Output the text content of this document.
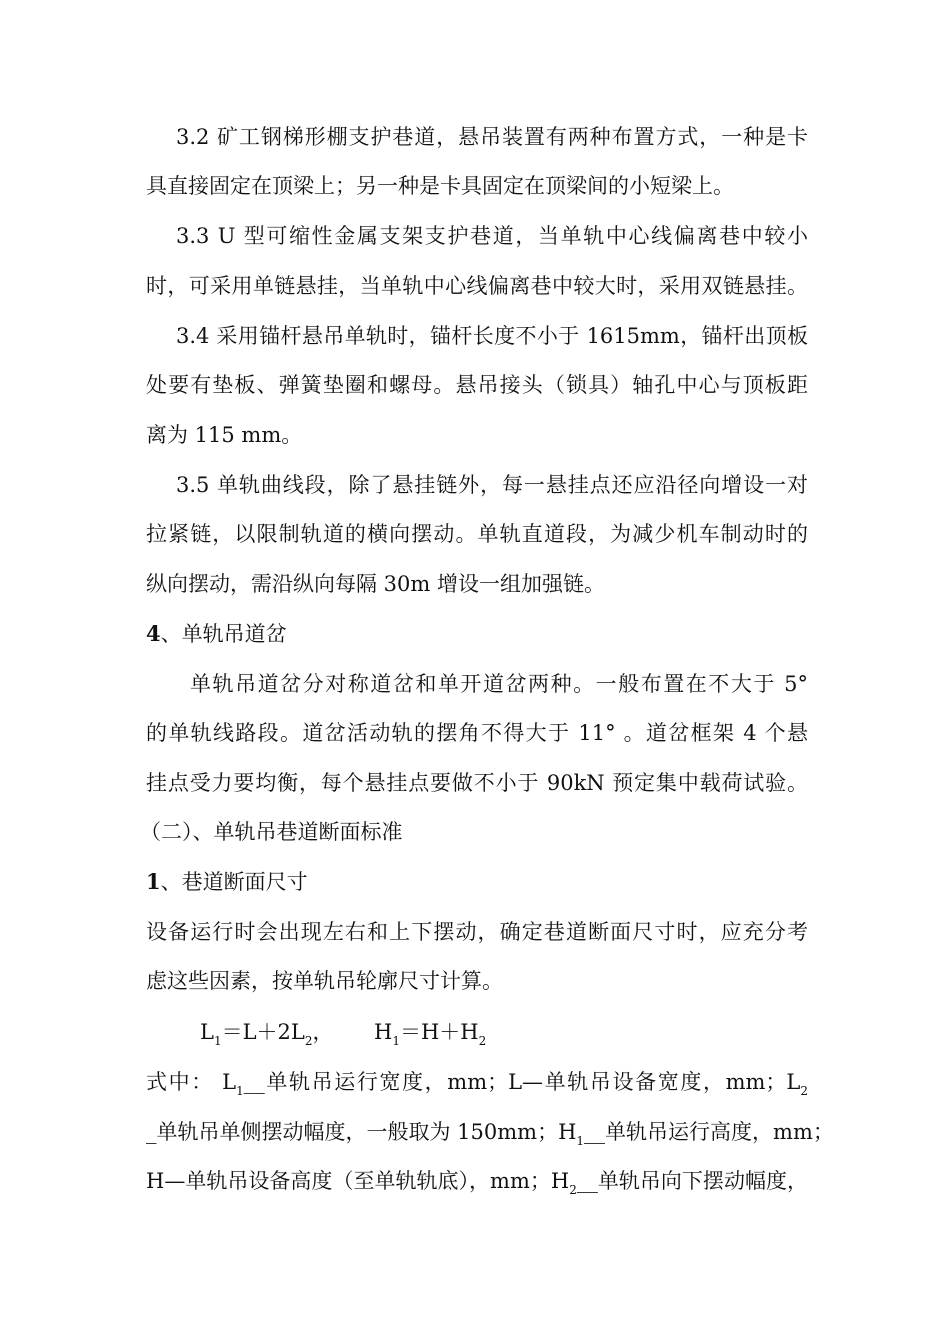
3.2 矿工钢梯形棚支护巷道，悬吊装置有两种布置方式，一种是卡
具直接固定在顶梁上；另一种是卡具固定在顶梁间的小短梁上。
3.3 U 型可缩性金属支架支护巷道，当单轨中心线偏离巷中较小
时，可采用单链悬挂，当单轨中心线偏离巷中较大时，采用双链悬挂。
3.4 采用锚杆悬吊单轨时，锚杆长度不小于 1615mm，锚杆出顶板
处要有垫板、弹簧垫圈和螺母。悬吊接头（锁具）轴孔中心与顶板距
离为 115 mm。
3.5 单轨曲线段，除了悬挂链外，每一悬挂点还应沿径向增设一对
拉紧链，以限制轨道的横向摆动。单轨直道段，为减少机车制动时的
纵向摆动，需沿纵向每隔 30m 增设一组加强链。
4、单轨吊道岔
单轨吊道岔分对称道岔和单开道岔两种。一般布置在不大于 5°
的单轨线路段。道岔活动轨的摆角不得大于 11° 。道岔框架 4 个悬
挂点受力要均衡，每个悬挂点要做不小于 90kN 预定集中载荷试验。
（二）、单轨吊巷道断面标准
1、巷道断面尺寸
设备运行时会出现左右和上下摆动，确定巷道断面尺寸时，应充分考
虑这些因素，按单轨吊轮廓尺寸计算。
$L_1=L+2L_2$， $H_1=H+H_2$
式中： $L_1\_\_$单轨吊运行宽度，mm；L—单轨吊设备宽度，mm；$L_2$
_单轨吊单侧摆动幅度，一般取为 150mm；$H_1\_\_$单轨吊运行高度，mm；
H—单轨吊设备高度（至单轨轨底），mm；$H_2\_\_$单轨吊向下摆动幅度，
